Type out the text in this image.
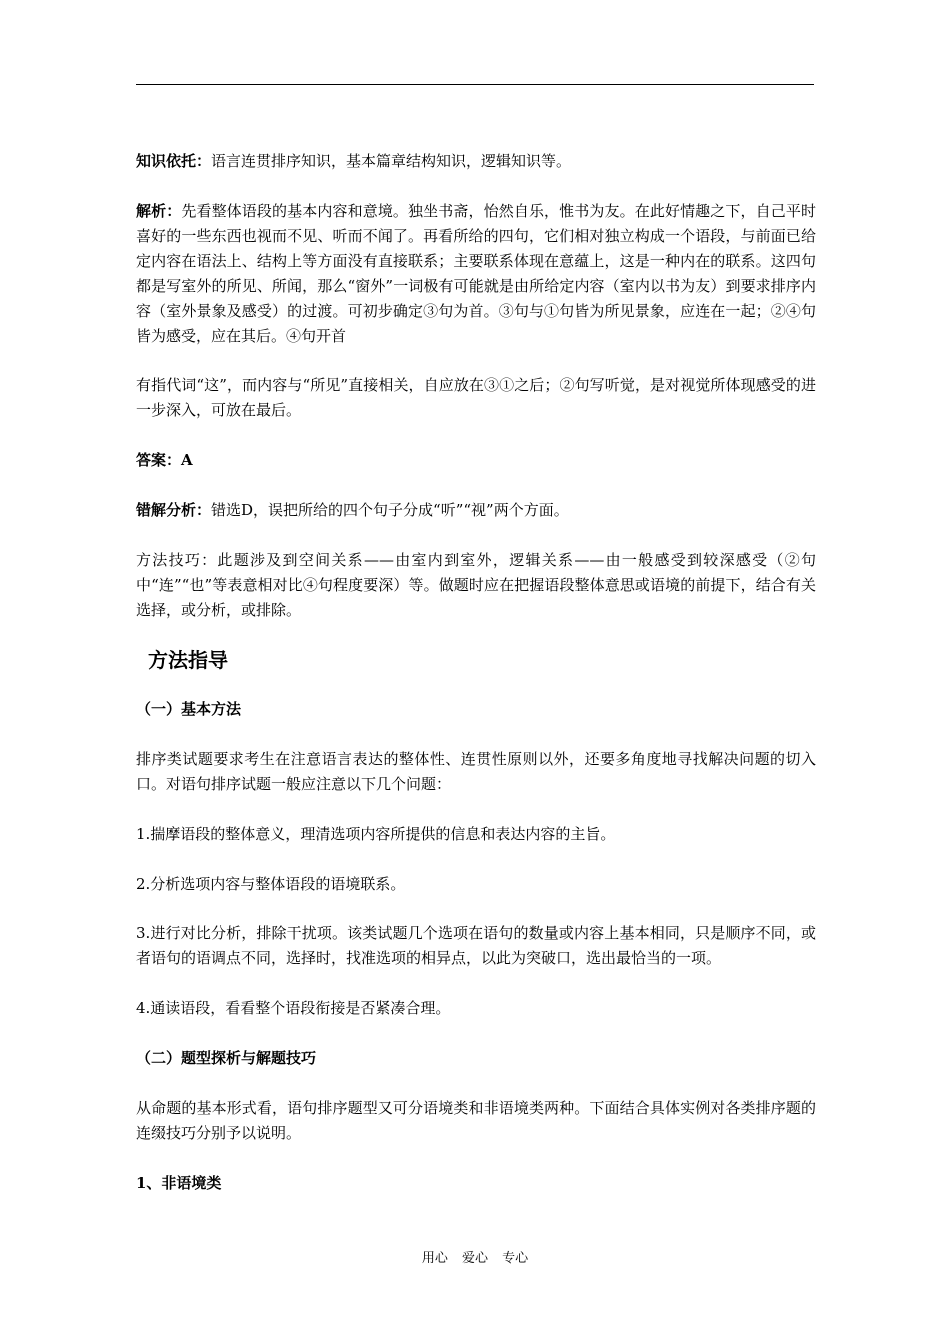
知识依托：语言连贯排序知识，基本篇章结构知识，逻辑知识等。

解析：先看整体语段的基本内容和意境。独坐书斋，怡然自乐，惟书为友。在此好情趣之下，自己平时喜好的一些东西也视而不见、听而不闻了。再看所给的四句，它们相对独立构成一个语段，与前面已给定内容在语法上、结构上等方面没有直接联系；主要联系体现在意蕴上，这是一种内在的联系。这四句都是写室外的所见、所闻，那么“窗外”一词极有可能就是由所给定内容（室内以书为友）到要求排序内容（室外景象及感受）的过渡。可初步确定③句为首。③句与①句皆为所见景象，应连在一起；②④句皆为感受，应在其后。④句开首

有指代词“这”，而内容与“所见”直接相关，自应放在③①之后；②句写听觉，是对视觉所体现感受的进一步深入，可放在最后。

答案：A

错解分析：错选D，误把所给的四个句子分成“听”“视”两个方面。

方法技巧：此题涉及到空间关系——由室内到室外，逻辑关系——由一般感受到较深感受（②句中“连”“也”等表意相对比④句程度要深）等。做题时应在把握语段整体意思或语境的前提下，结合有关选择，或分析，或排除。

方法指导
（一）基本方法

排序类试题要求考生在注意语言表达的整体性、连贯性原则以外，还要多角度地寻找解决问题的切入口。对语句排序试题一般应注意以下几个问题：

1.揣摩语段的整体意义，理清选项内容所提供的信息和表达内容的主旨。

2.分析选项内容与整体语段的语境联系。

3.进行对比分析，排除干扰项。该类试题几个选项在语句的数量或内容上基本相同，只是顺序不同，或者语句的语调点不同，选择时，找准选项的相异点，以此为突破口，选出最恰当的一项。

4.通读语段，看看整个语段衔接是否紧凑合理。

（二）题型探析与解题技巧

从命题的基本形式看，语句排序题型又可分语境类和非语境类两种。下面结合具体实例对各类排序题的连缀技巧分别予以说明。

1、非语境类
用心 爱心 专心
